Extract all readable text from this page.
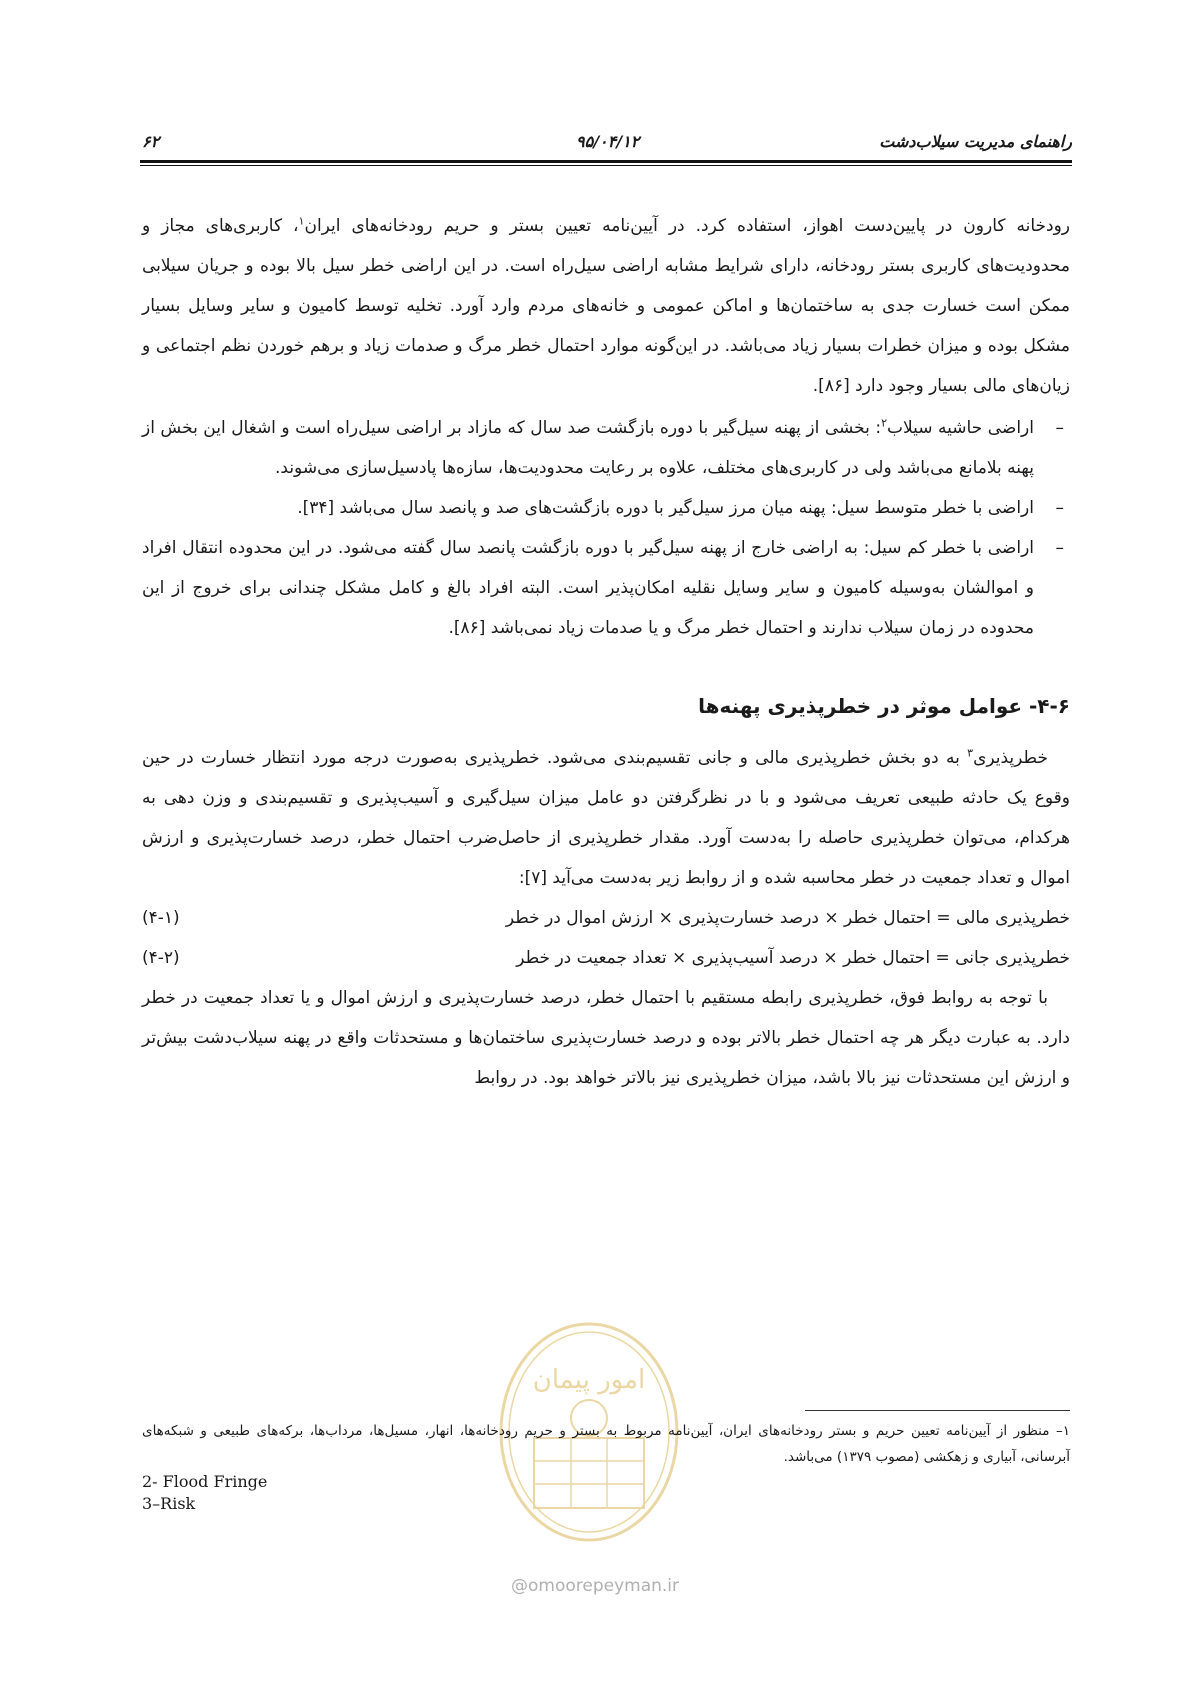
راهنمای مدیریت سیلاب‌دشت
۹۵/۰۴/۱۲
۶۲

رودخانه کارون در پایین‌دست اهواز، استفاده کرد. در آیین‌نامه تعیین بستر و حریم رودخانه‌های ایران$^۱$، کاربری‌های مجاز و محدودیت‌های کاربری بستر رودخانه، دارای شرایط مشابه اراضی سیل‌راه است. در این اراضی خطر سیل بالا بوده و جریان سیلابی ممکن است خسارت جدی به ساختمان‌ها و اماکن عمومی و خانه‌های مردم وارد آورد. تخلیه توسط کامیون و سایر وسایل بسیار مشکل بوده و میزان خطرات بسیار زیاد می‌باشد. در این‌گونه موارد احتمال خطر مرگ و صدمات زیاد و برهم خوردن نظم اجتماعی و زیان‌های مالی بسیار وجود دارد [۸۶].

–
اراضی حاشیه سیلاب$^۲$: بخشی از پهنه سیل‌گیر با دوره بازگشت صد سال که مازاد بر اراضی سیل‌راه است و اشغال این بخش از پهنه بلامانع می‌باشد ولی در کاربری‌های مختلف، علاوه بر رعایت محدودیت‌ها، سازه‌ها پادسیل‌سازی می‌شوند.

–
اراضی با خطر متوسط سیل: پهنه میان مرز سیل‌گیر با دوره بازگشت‌های صد و پانصد سال می‌باشد [۳۴].

–
اراضی با خطر کم سیل: به اراضی خارج از پهنه سیل‌گیر با دوره بازگشت پانصد سال گفته می‌شود. در این محدوده انتقال افراد و اموالشان به‌وسیله کامیون و سایر وسایل نقلیه امکان‌پذیر است. البته افراد بالغ و کامل مشکل چندانی برای خروج از این محدوده در زمان سیلاب ندارند و احتمال خطر مرگ و یا صدمات زیاد نمی‌باشد [۸۶].

۴-۶- عوامل موثر در خطرپذیری پهنه‌ها

خطرپذیری$^۳$ به دو بخش خطرپذیری مالی و جانی تقسیم‌بندی می‌شود. خطرپذیری به‌صورت درجه مورد انتظار خسارت در حین وقوع یک حادثه طبیعی تعریف می‌شود و با در نظرگرفتن دو عامل میزان سیل‌گیری و آسیب‌پذیری و تقسیم‌بندی و وزن دهی به هرکدام، می‌توان خطرپذیری حاصله را به‌دست آورد. مقدار خطرپذیری از حاصل‌ضرب احتمال خطر، درصد خسارت‌پذیری و ارزش اموال و تعداد جمعیت در خطر محاسبه شده و از روابط زیر به‌دست می‌آید [۷]:

خطرپذیری مالی = احتمال خطر × درصد خسارت‌پذیری × ارزش اموال در خطر
(۴-۱)
خطرپذیری جانی = احتمال خطر × درصد آسیب‌پذیری × تعداد جمعیت در خطر
(۴-۲)

با توجه به روابط فوق، خطرپذیری رابطه مستقیم با احتمال خطر، درصد خسارت‌پذیری و ارزش اموال و یا تعداد جمعیت در خطر دارد. به عبارت دیگر هر چه احتمال خطر بالاتر بوده و درصد خسارت‌پذیری ساختمان‌ها و مستحدثات واقع در پهنه سیلاب‌دشت بیش‌تر و ارزش این مستحدثات نیز بالا باشد، میزان خطرپذیری نیز بالاتر خواهد بود. در روابط

امور پیمان
۱– منظور از آیین‌نامه تعیین حریم و بستر رودخانه‌های ایران، آیین‌نامه مربوط به بستر و حریم رودخانه‌ها، انهار، مسیل‌ها، مرداب‌ها، برکه‌های طبیعی و شبکه‌های آبرسانی، آبیاری و زهکشی (مصوب ۱۳۷۹) می‌باشد.
2- Flood Fringe
3–Risk
@omoorepeyman.ir
